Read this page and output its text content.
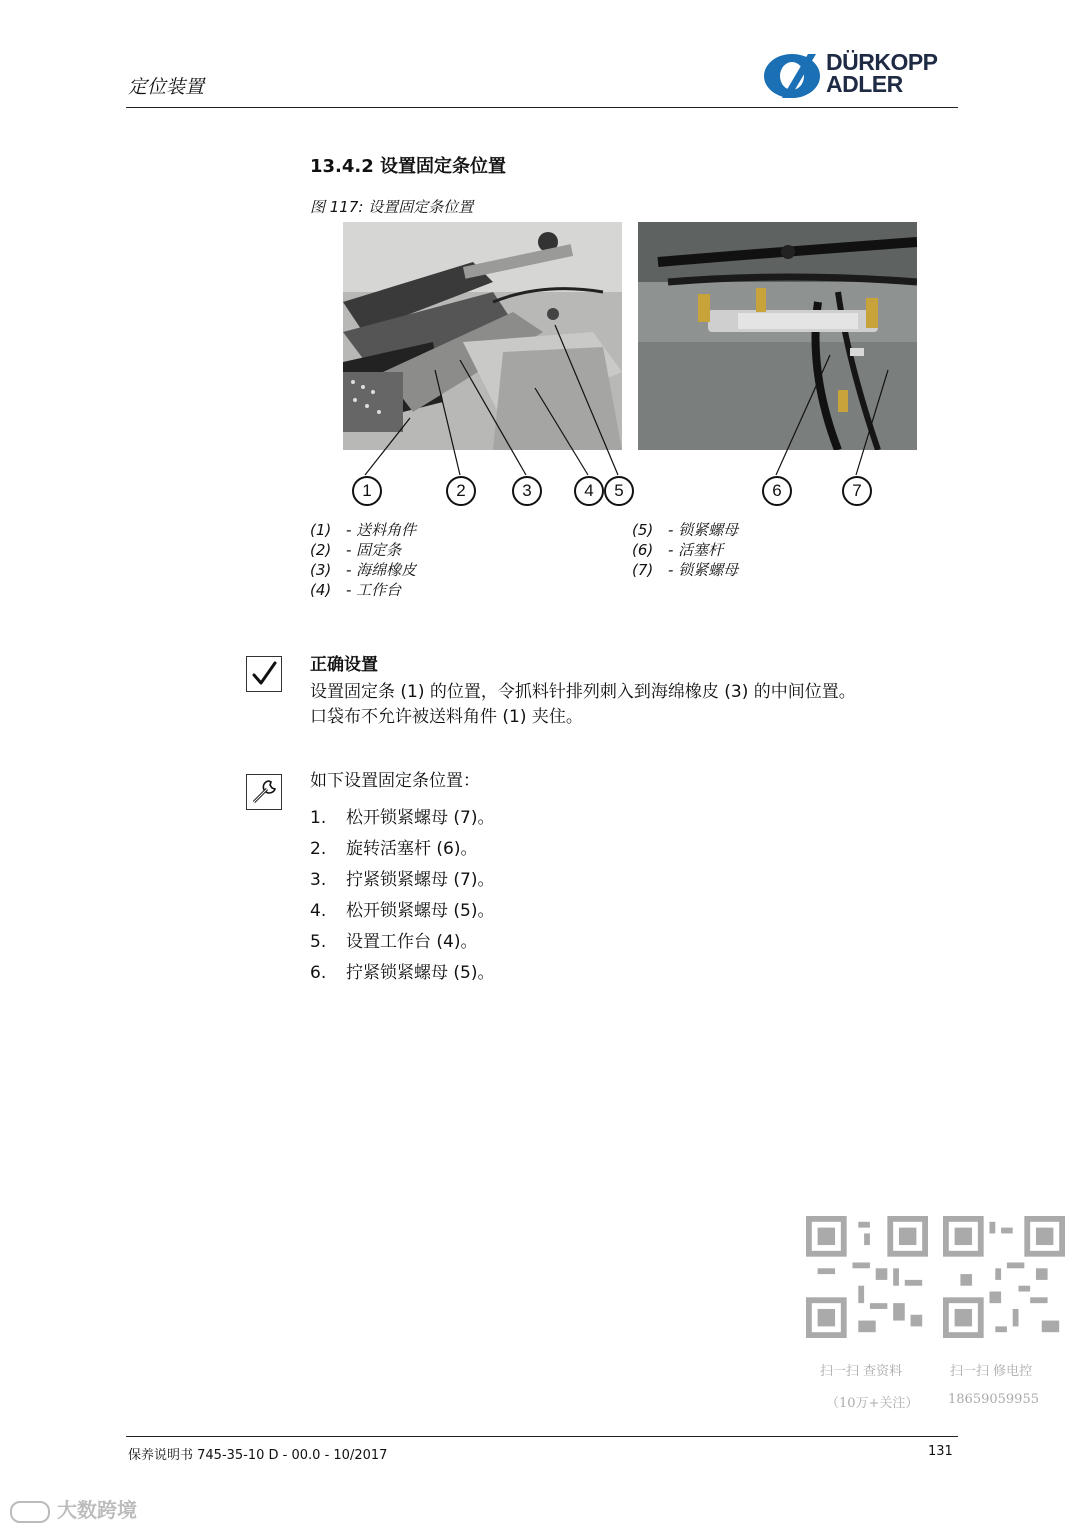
定位装置
DÜRKOPP
ADLER
13.4.2 设置固定条位置
图 117: 设置固定条位置
1	2	3	4	5	6	7
(1) - 送料角件
(2) - 固定条
(3) - 海绵橡皮
(4) - 工作台
(5) - 锁紧螺母
(6) - 活塞杆
(7) - 锁紧螺母
正确设置
设置固定条 (1) 的位置，令抓料针排列刺入到海绵橡皮 (3) 的中间位置。
口袋布不允许被送料角件 (1) 夹住。
如下设置固定条位置：
1. 松开锁紧螺母 (7)。
2. 旋转活塞杆 (6)。
3. 拧紧锁紧螺母 (7)。
4. 松开锁紧螺母 (5)。
5. 设置工作台 (4)。
6. 拧紧锁紧螺母 (5)。
扫一扫 查资料
（10万+关注）
扫一扫 修电控
18659059955
保养说明书 745-35-10 D - 00.0 - 10/2017	131
大数跨境
